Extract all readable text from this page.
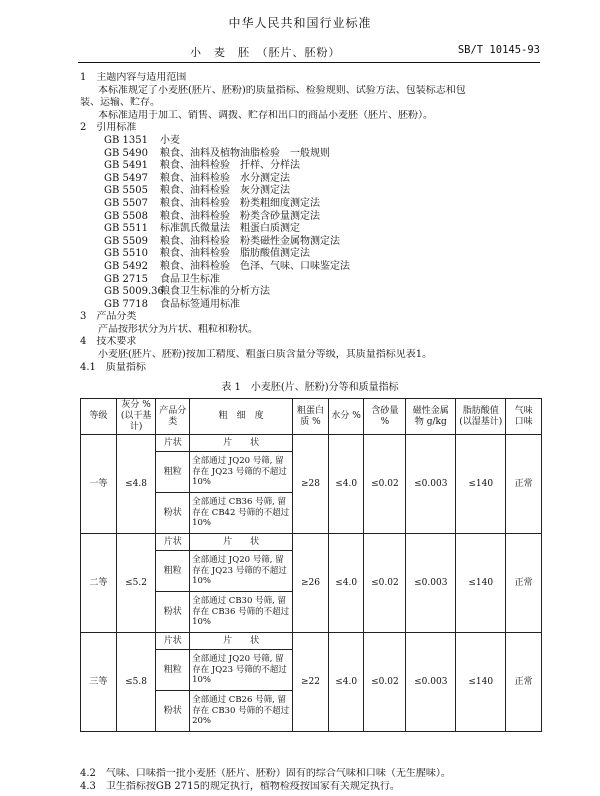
中华人民共和国行业标准
小　麦　胚　（胚片、胚粉）	SB/T 10145-93
1　主题内容与适用范围
本标准规定了小麦胚(胚片、胚粉)的质量指标、检验规则、试验方法、包装标志和包
装、运输、贮存。
本标准适用于加工、销售、调拨、贮存和出口的商品小麦胚（胚片、胚粉）。
2　引用标准
GB 1351 小麦
GB 5490 粮食、油料及植物油脂检验　一般规则
GB 5491 粮食、油料检验　扦样、分样法
GB 5497 粮食、油料检验　水分测定法
GB 5505 粮食、油料检验　灰分测定法
GB 5507 粮食、油料检验　粉类粗细度测定法
GB 5508 粮食、油料检验　粉类含砂量测定法
GB 5511 标准凯氏微量法　粗蛋白质测定
GB 5509 粮食、油料检验　粉类磁性金属物测定法
GB 5510 粮食、油料检验　脂肪酸值测定法
GB 5492 粮食、油料检验　色泽、气味、口味鉴定法
GB 2715 食品卫生标准
GB 5009.36粮食卫生标准的分析方法
GB 7718 食品标签通用标准
3　产品分类
产品按形状分为片状、粗粒和粉状。
4　技术要求
小麦胚(胚片、胚粉)按加工精度、粗蛋白质含量分等级，其质量指标见表1。
4.1　质量指标
表 1　小麦胚(片、胚粉)分等和质量指标
等级	灰分 % (以干基计)	产品分类	粗　细　度	粗蛋白质 %	水分 %	含砂量 %	磁性金属物 g/kg	脂肪酸值(以湿基计)	气味　口味
一等	≤4.8	片状	片　　状	≥28	≤4.0	≤0.02	≤0.003	≤140	正常
		粗粒	全部通过 JQ20 号筛, 留存在 JQ23 号筛的不超过 10%						
		粉状	全部通过 CB36 号筛, 留存在 CB42 号筛的不超过 10%						
二等	≤5.2	片状	片　　状	≥26	≤4.0	≤0.02	≤0.003	≤140	正常
		粗粒	全部通过 JQ20 号筛, 留存在 JQ23 号筛的不超过 10%						
		粉状	全部通过 CB30 号筛, 留存在 CB36 号筛的不超过 10%						
三等	≤5.8	片状	片　　状	≥22	≤4.0	≤0.02	≤0.003	≤140	正常
		粗粒	全部通过 JQ20 号筛, 留存在 JQ23 号筛的不超过 10%						
		粉状	全部通过 CB26 号筛, 留存在 CB30 号筛的不超过 20%						
4.2　气味、口味指一批小麦胚（胚片、胚粉）固有的综合气味和口味（无生腥味）。
4.3　卫生指标按GB 2715的规定执行，植物检疫按国家有关规定执行。
